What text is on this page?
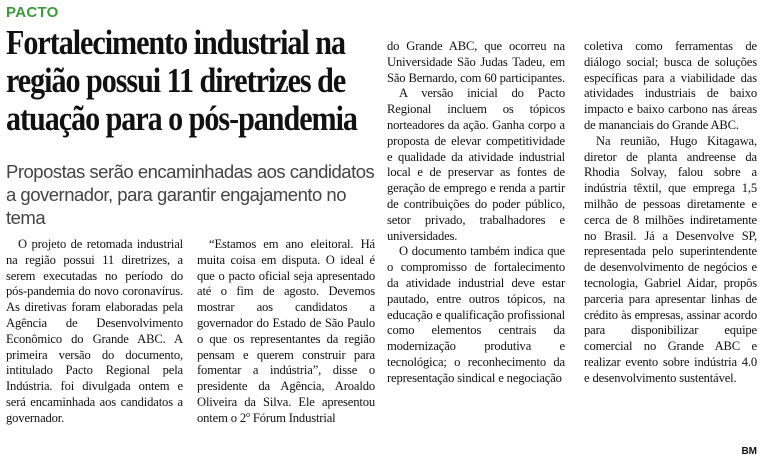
PACTO
Fortalecimento industrial na região possui 11 diretrizes de atuação para o pós-pandemia

Propostas serão encaminhadas aos candidatos a governador, para garantir engajamento no tema

O projeto de retomada industrial na região possui 11 diretrizes, a serem executadas no período do pós-pandemia do novo coronavírus. As diretivas foram elaboradas pela Agência de Desenvolvimento Econômico do Grande ABC. A primeira versão do documento, intitulado Pacto Regional pela Indústria. foi divulgada ontem e será encaminhada aos candidatos a governador.

“Estamos em ano eleitoral. Há muita coisa em disputa. O ideal é que o pacto oficial seja apresentado até o fim de agosto. Devemos mostrar aos candidatos a governador do Estado de São Paulo o que os representantes da região pensam e querem construir para fomentar a indústria”, disse o presidente da Agência, Aroaldo Oliveira da Silva. Ele apresentou ontem o 2$^o$ Fórum Industrial

do Grande ABC, que ocorreu na Universidade São Judas Tadeu, em São Bernardo, com 60 participantes.

A versão inicial do Pacto Regional incluem os tópicos norteadores da ação. Ganha corpo a proposta de elevar competitividade e qualidade da atividade industrial local e de preservar as fontes de geração de emprego e renda a partir de contribuições do poder público, setor privado, trabalhadores e universidades.

O documento também indica que o compromisso de fortalecimento da atividade industrial deve estar pautado, entre outros tópicos, na educação e qualificação profissional como elementos centrais da modernização produtiva e tecnológica; o reconhecimento da representação sindical e negociação

coletiva como ferramentas de diálogo social; busca de soluções específicas para a viabilidade das atividades industriais de baixo impacto e baixo carbono nas áreas de mananciais do Grande ABC.

Na reunião, Hugo Kitagawa, diretor de planta andreense da Rhodia Solvay, falou sobre a indústria têxtil, que emprega 1,5 milhão de pessoas diretamente e cerca de 8 milhões indiretamente no Brasil. Já a Desenvolve SP, representada pelo superintendente de desenvolvimento de negócios e tecnologia, Gabriel Aidar, propôs parceria para apresentar linhas de crédito às empresas, assinar acordo para disponibilizar equipe comercial no Grande ABC e realizar evento sobre indústria 4.0 e desenvolvimento sustentável.

BM
